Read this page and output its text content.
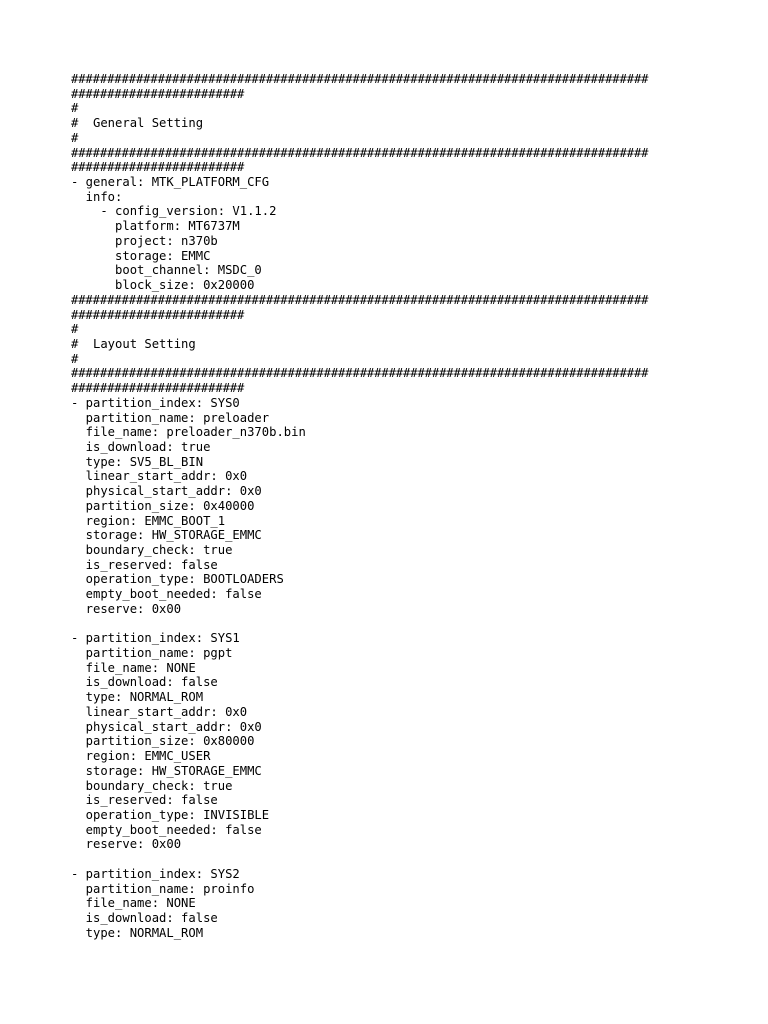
################################################################################
########################
#
#  General Setting
#
################################################################################
########################
- general: MTK_PLATFORM_CFG
info:
- config_version: V1.1.2
platform: MT6737M
project: n370b
storage: EMMC
boot_channel: MSDC_0
block_size: 0x20000
################################################################################
########################
#
#  Layout Setting
#
################################################################################
########################
- partition_index: SYS0
partition_name: preloader
file_name: preloader_n370b.bin
is_download: true
type: SV5_BL_BIN
linear_start_addr: 0x0
physical_start_addr: 0x0
partition_size: 0x40000
region: EMMC_BOOT_1
storage: HW_STORAGE_EMMC
boundary_check: true
is_reserved: false
operation_type: BOOTLOADERS
empty_boot_needed: false
reserve: 0x00

- partition_index: SYS1
partition_name: pgpt
file_name: NONE
is_download: false
type: NORMAL_ROM
linear_start_addr: 0x0
physical_start_addr: 0x0
partition_size: 0x80000
region: EMMC_USER
storage: HW_STORAGE_EMMC
boundary_check: true
is_reserved: false
operation_type: INVISIBLE
empty_boot_needed: false
reserve: 0x00

- partition_index: SYS2
partition_name: proinfo
file_name: NONE
is_download: false
type: NORMAL_ROM
